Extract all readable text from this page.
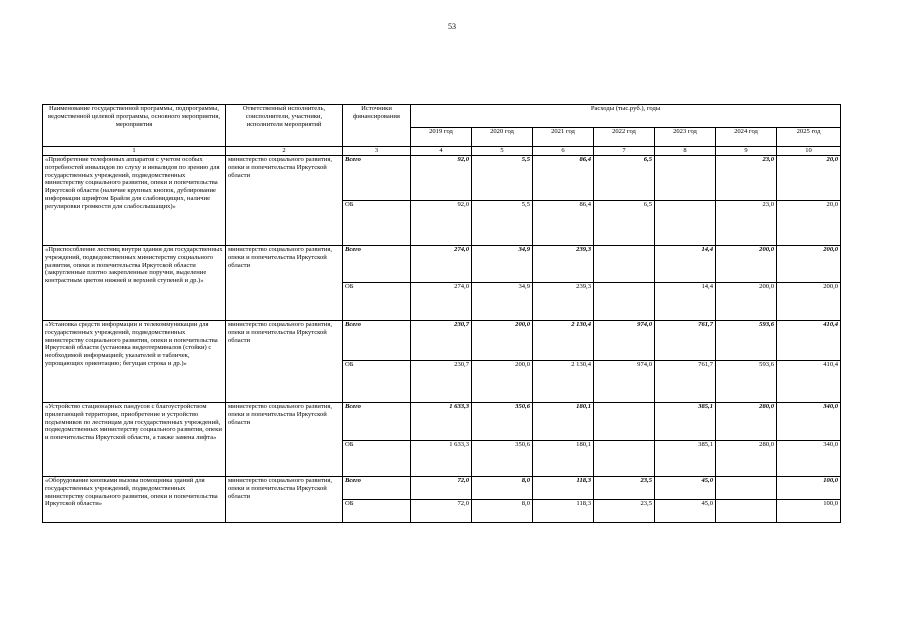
53
Наименование государственной программы, подпрограммы, ведомственной целевой программы, основного мероприятия, мероприятия	Ответственный исполнитель, соисполнители, участники, исполнители мероприятий	Источники финансирования	Расходы (тыс.руб.), годы						
			2019 год	2020 год	2021 год	2022 год	2023 год	2024 год	2025 год
1	2	3	4	5	6	7	8	9	10
«Приобретение телефонных аппаратов с учетом особых потребностей инвалидов по слуху и инвалидов по зрению для государственных учреждений, подведомственных министерству социального развития, опеки и попечительства Иркутской области (наличие крупных кнопок, дублирование информации шрифтом Брайля для слабовидящих, наличие регулировки громкости для слабослышащих)»	министерство социального развития, опеки и попечительства Иркутской области	Всего	92,0	5,5	86,4	6,5		23,0	20,0
		ОБ	92,0	5,5	86,4	6,5		23,0	20,0
«Приспособление лестниц внутри здания для государственных учреждений, подведомственных министерству социального развития, опеки и попечительства Иркутской области (закругленные плотно закрепленные поручни, выделение контрастным цветом нижней и верхней ступеней и др.)»	министерство социального развития, опеки и попечительства Иркутской области	Всего	274,0	34,9	239,3		14,4	200,0	200,0
		ОБ	274,0	34,9	239,3		14,4	200,0	200,0
«Установка средств информации и телекоммуникации для государственных учреждений, подведомственных министерству социального развития, опеки и попечительства Иркутской области (установка видеотерминалов (стойки) с необходимой информацией; указателей и табличек, упрощающих ориентацию; бегущая строка и др.)»	министерство социального развития, опеки и попечительства Иркутской области	Всего	230,7	200,0	2 130,4	974,0	761,7	593,6	410,4
		ОБ	230,7	200,0	2 130,4	974,0	761,7	593,6	410,4
«Устройство стационарных пандусов с благоустройством прилегающей территории, приобретение и устройство подъемников по лестницам для государственных учреждений, подведомственных министерству социального развития, опеки и попечительства Иркутской области, а также замена лифта»	министерство социального развития, опеки и попечительства Иркутской области	Всего	1 633,3	350,6	180,1		385,1	280,0	340,0
		ОБ	1 633,3	350,6	180,1		385,1	280,0	340,0
«Оборудование кнопками вызова помощника зданий для государственных учреждений, подведомственных министерству социального развития, опеки и попечительства Иркутской области»	министерство социального развития, опеки и попечительства Иркутской области	Всего	72,0	8,0	118,3	23,5	45,0		100,0
		ОБ	72,0	8,0	118,3	23,5	45,0		100,0
